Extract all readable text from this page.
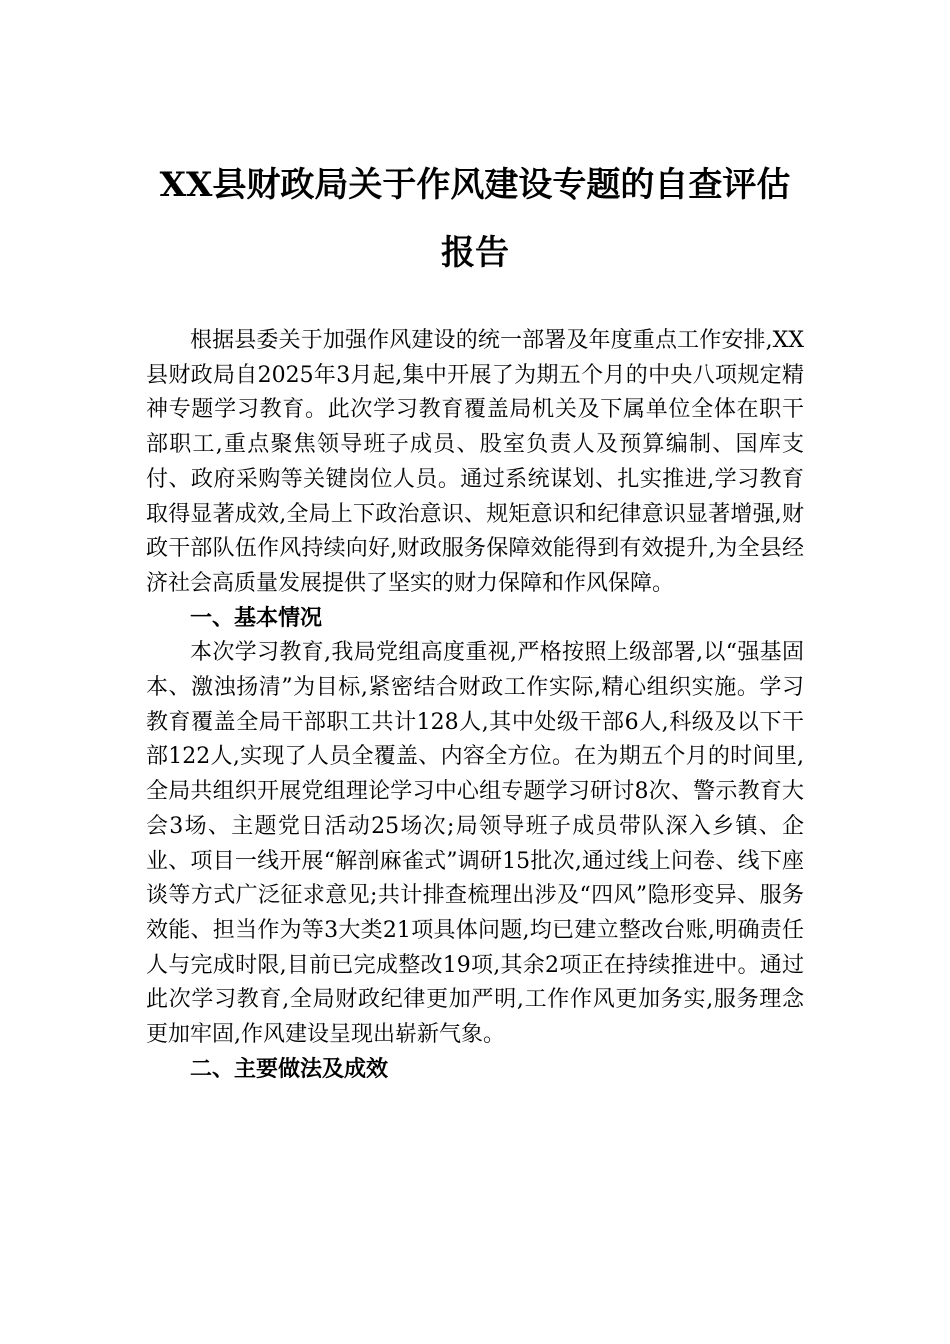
XX县财政局关于作风建设专题的自查评估
报告

根据县委关于加强作风建设的统一部署及年度重点工作安排,XX县财政局自2025年3月起,集中开展了为期五个月的中央八项规定精神专题学习教育。此次学习教育覆盖局机关及下属单位全体在职干部职工,重点聚焦领导班子成员、股室负责人及预算编制、国库支付、政府采购等关键岗位人员。通过系统谋划、扎实推进,学习教育取得显著成效,全局上下政治意识、规矩意识和纪律意识显著增强,财政干部队伍作风持续向好,财政服务保障效能得到有效提升,为全县经济社会高质量发展提供了坚实的财力保障和作风保障。

一、基本情况

本次学习教育,我局党组高度重视,严格按照上级部署,以“强基固本、激浊扬清”为目标,紧密结合财政工作实际,精心组织实施。学习教育覆盖全局干部职工共计128人,其中处级干部6人,科级及以下干部122人,实现了人员全覆盖、内容全方位。在为期五个月的时间里,全局共组织开展党组理论学习中心组专题学习研讨8次、警示教育大会3场、主题党日活动25场次;局领导班子成员带队深入乡镇、企业、项目一线开展“解剖麻雀式”调研15批次,通过线上问卷、线下座谈等方式广泛征求意见;共计排查梳理出涉及“四风”隐形变异、服务效能、担当作为等3大类21项具体问题,均已建立整改台账,明确责任人与完成时限,目前已完成整改19项,其余2项正在持续推进中。通过此次学习教育,全局财政纪律更加严明,工作作风更加务实,服务理念更加牢固,作风建设呈现出崭新气象。

二、主要做法及成效
